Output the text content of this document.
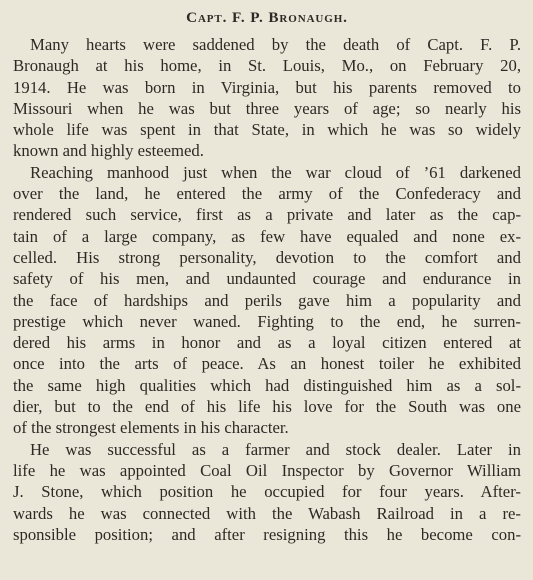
Capt. F. P. Bronaugh.
Many hearts were saddened by the death of Capt. F. P.
Bronaugh at his home, in St. Louis, Mo., on February 20,
1914. He was born in Virginia, but his parents removed to
Missouri when he was but three years of age; so nearly his
whole life was spent in that State, in which he was so widely
known and highly esteemed.
Reaching manhood just when the war cloud of ’61 darkened
over the land, he entered the army of the Confederacy and
rendered such service, first as a private and later as the cap-
tain of a large company, as few have equaled and none ex-
celled. His strong personality, devotion to the comfort and
safety of his men, and undaunted courage and endurance in
the face of hardships and perils gave him a popularity and
prestige which never waned. Fighting to the end, he surren-
dered his arms in honor and as a loyal citizen entered at
once into the arts of peace. As an honest toiler he exhibited
the same high qualities which had distinguished him as a sol-
dier, but to the end of his life his love for the South was one
of the strongest elements in his character.
He was successful as a farmer and stock dealer. Later in
life he was appointed Coal Oil Inspector by Governor William
J. Stone, which position he occupied for four years. After-
wards he was connected with the Wabash Railroad in a re-
sponsible position; and after resigning this he become con-
